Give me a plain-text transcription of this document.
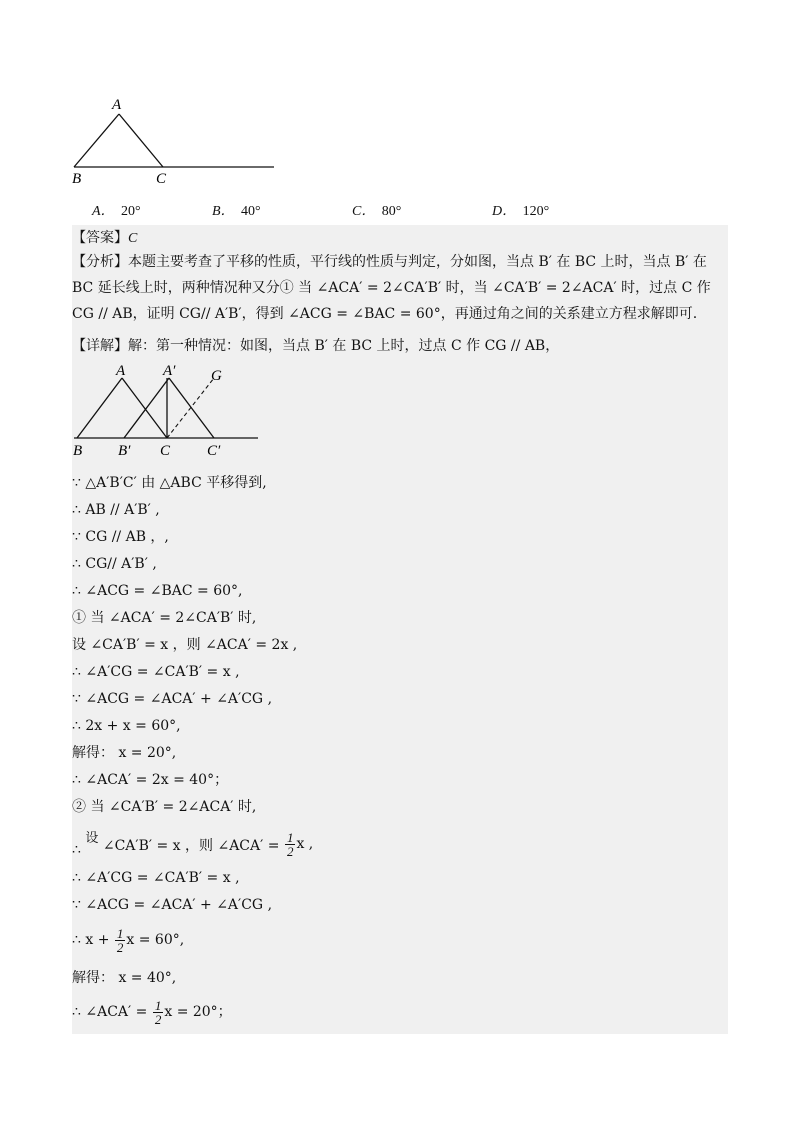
A
B	C
A． 20°	B． 40°	C． 80°	D． 120°
【答案】C
【分析】本题主要考查了平移的性质，平行线的性质与判定，分如图，当点 B′ 在 BC 上时，当点 B′ 在 BC 延长线上时，两种情况种又分① 当 ∠ACA′ = 2∠CA′B′ 时，当 ∠CA′B′ = 2∠ACA′ 时，过点 C 作 CG // AB，证明 CG// A′B′，得到 ∠ACG = ∠BAC = 60°，再通过角之间的关系建立方程求解即可.
【详解】解：第一种情况：如图，当点 B′ 在 BC 上时，过点 C 作 CG // AB，
A	A′ G
B B′ C C′
∵ △A′B′C′ 由 △ABC 平移得到,
∴ AB // A′B′ ,
∵ CG // AB ，,
∴ CG// A′B′ ,
∴ ∠ACG = ∠BAC = 60°,
① 当 ∠ACA′ = 2∠CA′B′ 时,
设 ∠CA′B′ = x ，则 ∠ACA′ = 2x ,
∴ ∠A′CG = ∠CA′B′ = x ,
∵ ∠ACG = ∠ACA′ + ∠A′CG ,
∴ 2x + x = 60°,
解得： x = 20°,
∴ ∠ACA′ = 2x = 40°；
② 当 ∠CA′B′ = 2∠ACA′ 时,
∴ 设 ∠CA′B′ = x ，则 ∠ACA′ = $\frac{1}{2}$ x ,
∴ ∠A′CG = ∠CA′B′ = x ,
∵ ∠ACG = ∠ACA′ + ∠A′CG ,
∴ $x + \frac{1}{2}$ x = 60°,
解得： x = 40°,
∴ ∠ACA′ = $\frac{1}{2}$ x = 20°；
